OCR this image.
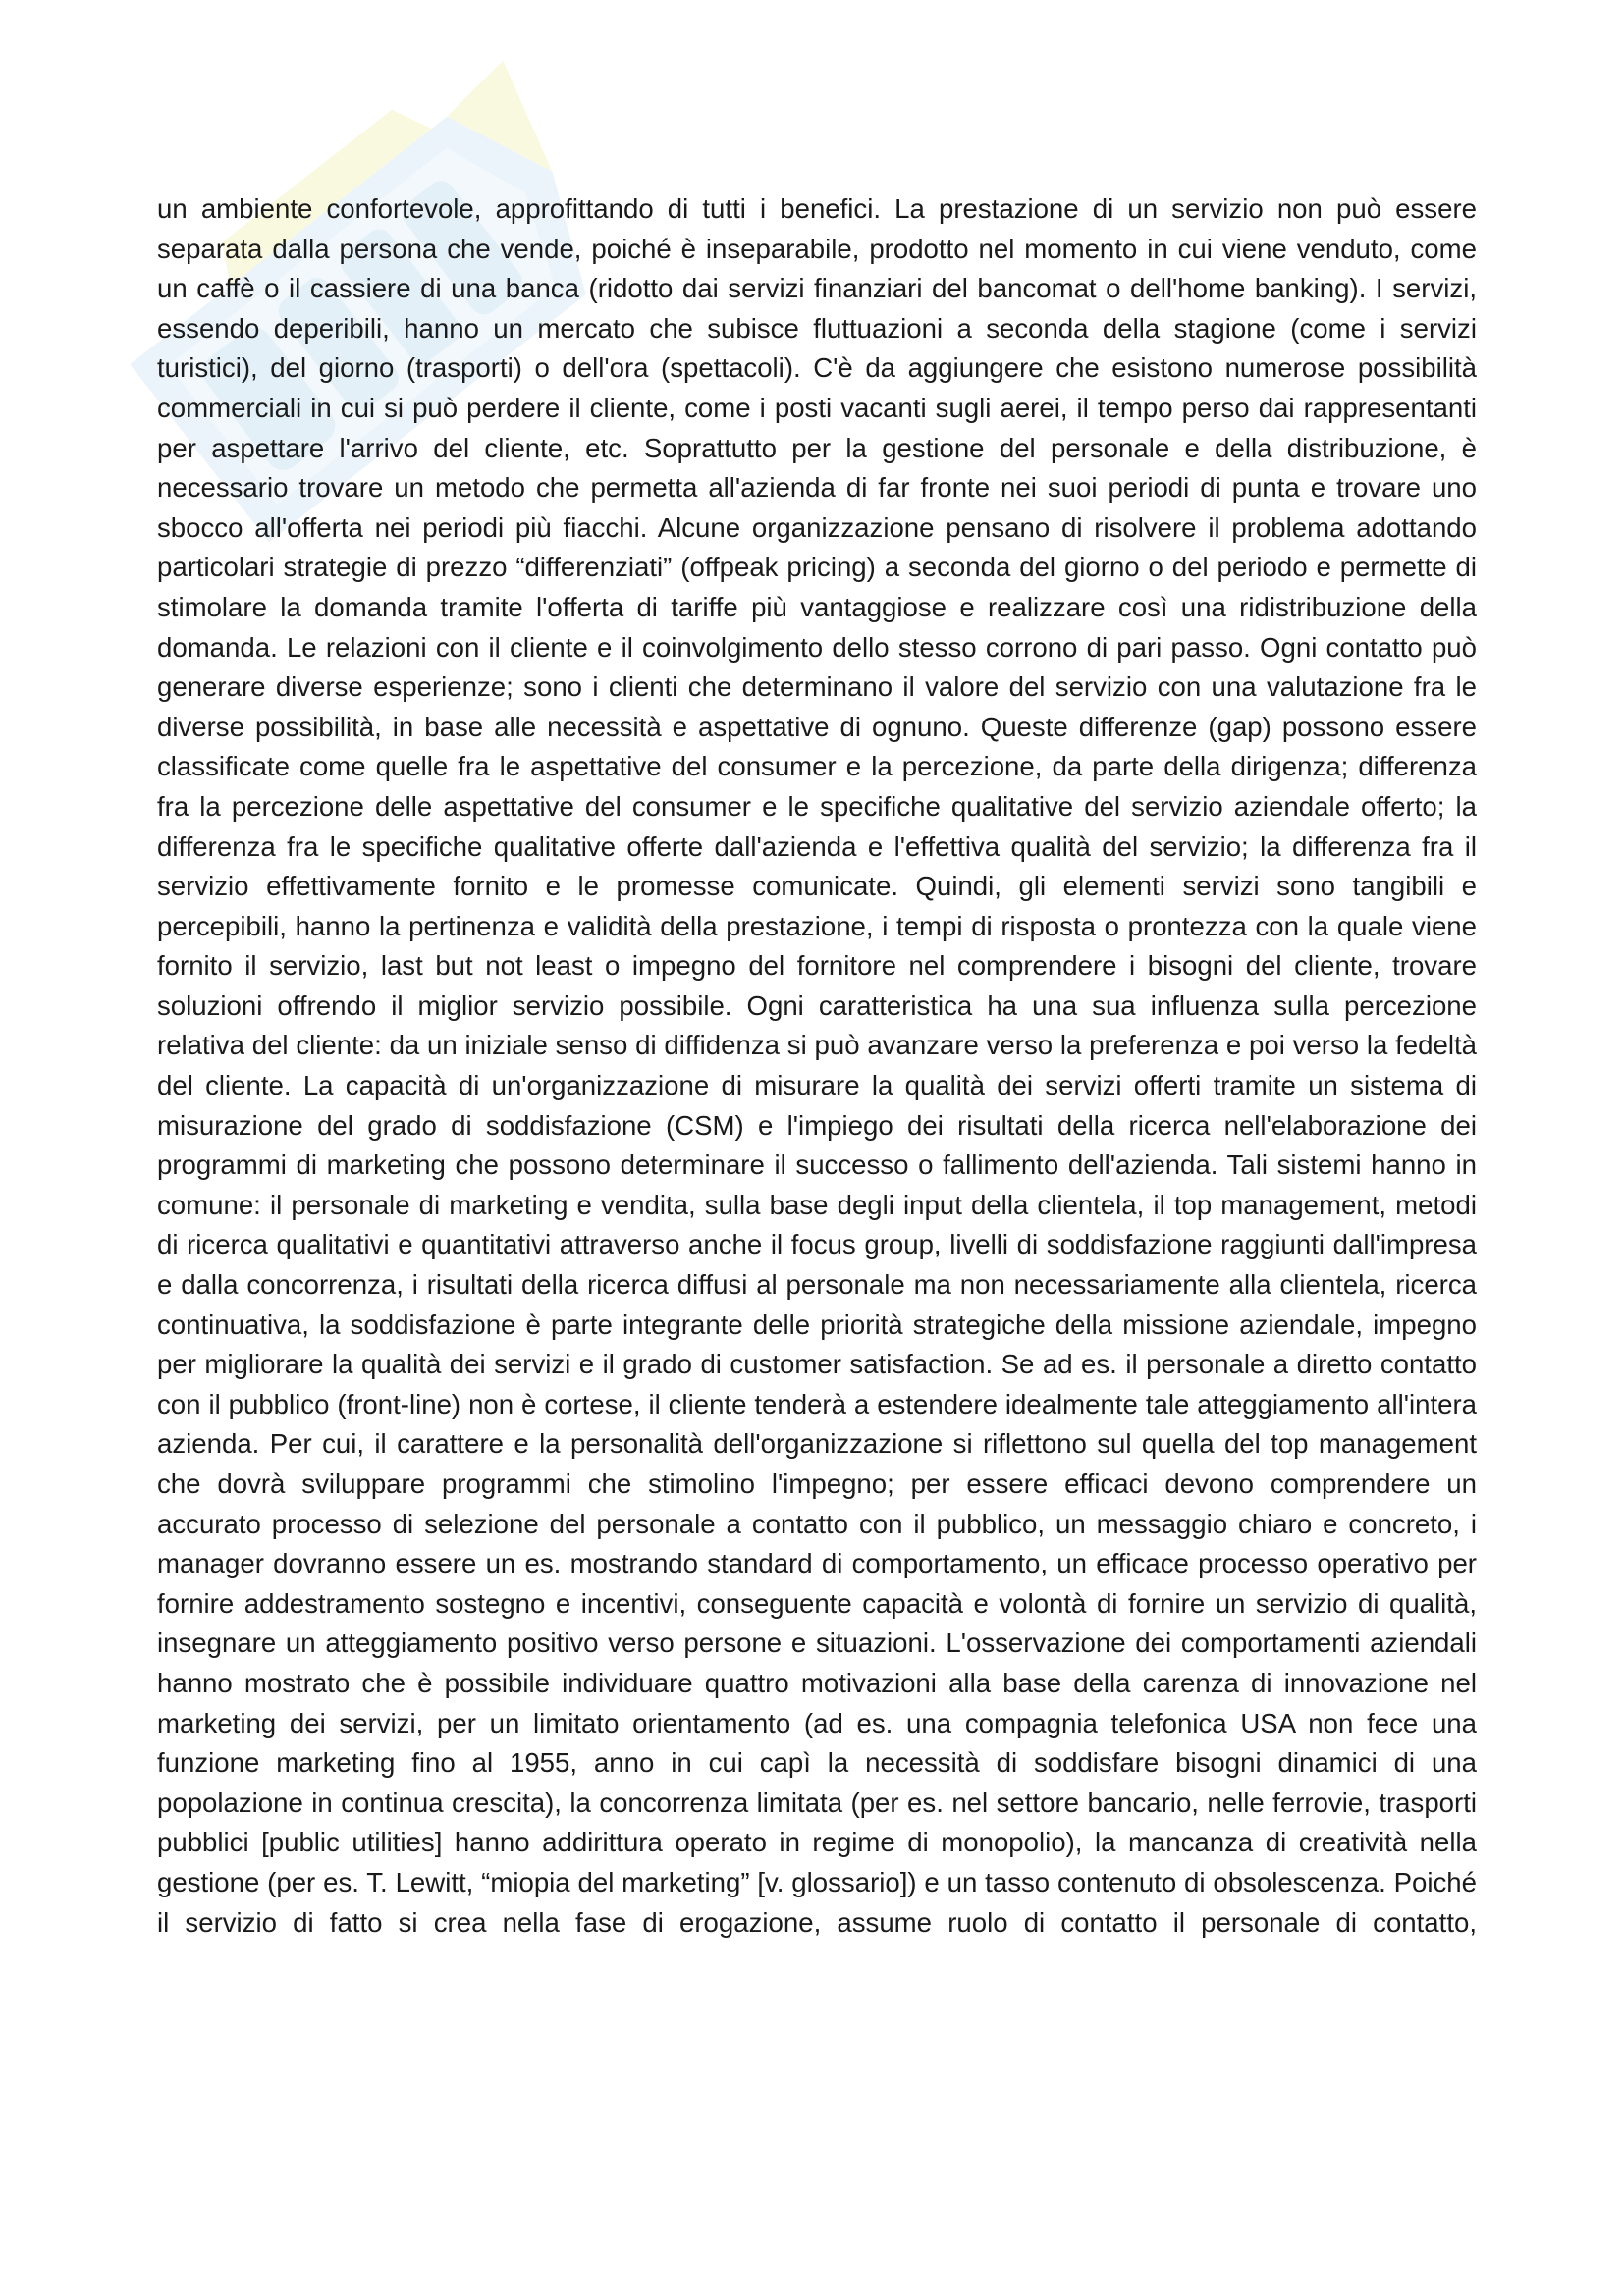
un ambiente confortevole, approfittando di tutti i benefici. La prestazione di un servizio non può essere separata dalla persona che vende, poiché è inseparabile, prodotto nel momento in cui viene venduto, come un caffè o il cassiere di una banca (ridotto dai servizi finanziari del bancomat o dell'home banking). I servizi, essendo deperibili, hanno un mercato che subisce fluttuazioni a seconda della stagione (come i servizi turistici), del giorno (trasporti) o dell'ora (spettacoli). C'è da aggiungere che esistono numerose possibilità commerciali in cui si può perdere il cliente, come i posti vacanti sugli aerei, il tempo perso dai rappresentanti per aspettare l'arrivo del cliente, etc. Soprattutto per la gestione del personale e della distribuzione, è necessario trovare un metodo che permetta all'azienda di far fronte nei suoi periodi di punta e trovare uno sbocco all'offerta nei periodi più fiacchi. Alcune organizzazione pensano di risolvere il problema adottando particolari strategie di prezzo “differenziati” (offpeak pricing) a seconda del giorno o del periodo e permette di stimolare la domanda tramite l'offerta di tariffe più vantaggiose e realizzare così una ridistribuzione della domanda. Le relazioni con il cliente e il coinvolgimento dello stesso corrono di pari passo. Ogni contatto può generare diverse esperienze; sono i clienti che determinano il valore del servizio con una valutazione fra le diverse possibilità, in base alle necessità e aspettative di ognuno. Queste differenze (gap) possono essere classificate come quelle fra le aspettative del consumer e la percezione, da parte della dirigenza; differenza fra la percezione delle aspettative del consumer e le specifiche qualitative del servizio aziendale offerto; la differenza fra le specifiche qualitative offerte dall'azienda e l'effettiva qualità del servizio; la differenza fra il servizio effettivamente fornito e le promesse comunicate. Quindi, gli elementi servizi sono tangibili e percepibili, hanno la pertinenza e validità della prestazione, i tempi di risposta o prontezza con la quale viene fornito il servizio, last but not least o impegno del fornitore nel comprendere i bisogni del cliente, trovare soluzioni offrendo il miglior servizio possibile. Ogni caratteristica ha una sua influenza sulla percezione relativa del cliente: da un iniziale senso di diffidenza si può avanzare verso la preferenza e poi verso la fedeltà del cliente. La capacità di un'organizzazione di misurare la qualità dei servizi offerti tramite un sistema di misurazione del grado di soddisfazione (CSM) e l'impiego dei risultati della ricerca nell'elaborazione dei programmi di marketing che possono determinare il successo o fallimento dell'azienda. Tali sistemi hanno in comune: il personale di marketing e vendita, sulla base degli input della clientela, il top management, metodi di ricerca qualitativi e quantitativi attraverso anche il focus group, livelli di soddisfazione raggiunti dall'impresa e dalla concorrenza, i risultati della ricerca diffusi al personale ma non necessariamente alla clientela, ricerca continuativa, la soddisfazione è parte integrante delle priorità strategiche della missione aziendale, impegno per migliorare la qualità dei servizi e il grado di customer satisfaction. Se ad es. il personale a diretto contatto con il pubblico (front-line) non è cortese, il cliente tenderà a estendere idealmente tale atteggiamento all'intera azienda. Per cui, il carattere e la personalità dell'organizzazione si riflettono sul quella del top management che dovrà sviluppare programmi che stimolino l'impegno; per essere efficaci devono comprendere un accurato processo di selezione del personale a contatto con il pubblico, un messaggio chiaro e concreto, i manager dovranno essere un es. mostrando standard di comportamento, un efficace processo operativo per fornire addestramento sostegno e incentivi, conseguente capacità e volontà di fornire un servizio di qualità, insegnare un atteggiamento positivo verso persone e situazioni. L'osservazione dei comportamenti aziendali hanno mostrato che è possibile individuare quattro motivazioni alla base della carenza di innovazione nel marketing dei servizi, per un limitato orientamento (ad es. una compagnia telefonica USA non fece una funzione marketing fino al 1955, anno in cui capì la necessità di soddisfare bisogni dinamici di una popolazione in continua crescita), la concorrenza limitata (per es. nel settore bancario, nelle ferrovie, trasporti pubblici [public utilities] hanno addirittura operato in regime di monopolio), la mancanza di creatività nella gestione (per es. T. Lewitt, “miopia del marketing” [v. glossario]) e un tasso contenuto di obsolescenza. Poiché il servizio di fatto si crea nella fase di erogazione, assume ruolo di contatto il personale di contatto,
